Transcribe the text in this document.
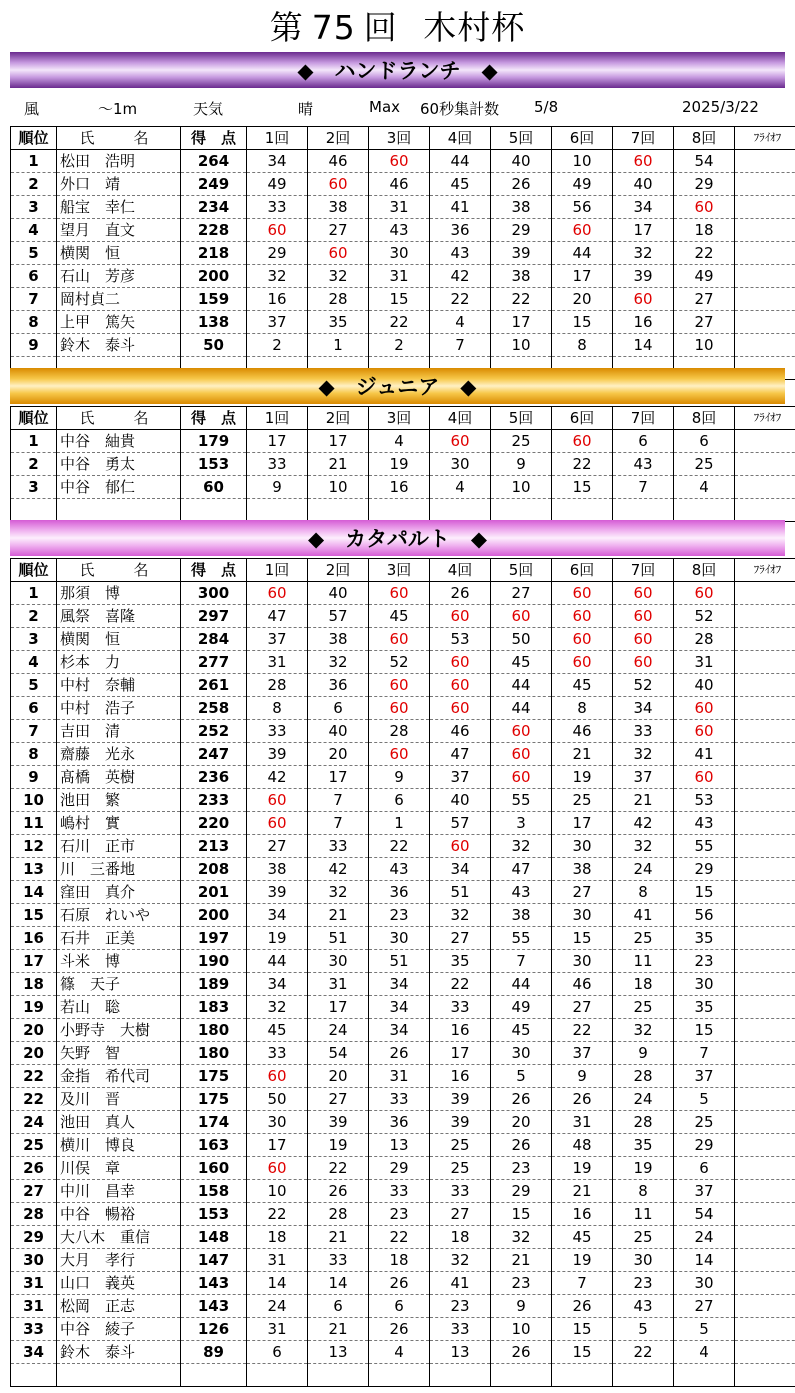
第 75 回 木村杯
◆　ハンドランチ　◆
風	～1m	天気	晴	Max 60秒集計数 5/8	2025/3/22
順位	氏　名	得　点	1回	2回	3回	4回	5回	6回	7回	8回	ﾌﾗｲｵﾌ
1	松田　浩明	264	34	46	60	44	40	10	60	54	
2	外口　靖	249	49	60	46	45	26	49	40	29	
3	船宝　幸仁	234	33	38	31	41	38	56	34	60	
4	望月　直文	228	60	27	43	36	29	60	17	18	
5	横関　恒	218	29	60	30	43	39	44	32	22	
6	石山　芳彦	200	32	32	31	42	38	17	39	49	
7	岡村貞二	159	16	28	15	22	22	20	60	27	
8	上甲　篤矢	138	37	35	22	4	17	15	16	27	
9	鈴木　泰斗	50	2	1	2	7	10	8	14	10	

◆　ジュニア　◆
順位	氏　名	得　点	1回	2回	3回	4回	5回	6回	7回	8回	ﾌﾗｲｵﾌ
1	中谷　紬貴	179	17	17	4	60	25	60	6	6	
2	中谷　勇太	153	33	21	19	30	9	22	43	25	
3	中谷　郁仁	60	9	10	16	4	10	15	7	4	

◆　カタパルト　◆
順位	氏　名	得　点	1回	2回	3回	4回	5回	6回	7回	8回	ﾌﾗｲｵﾌ
1	那須　博	300	60	40	60	26	27	60	60	60	
2	風祭　喜隆	297	47	57	45	60	60	60	60	52	
3	横関　恒	284	37	38	60	53	50	60	60	28	
4	杉本　力	277	31	32	52	60	45	60	60	31	
5	中村　奈輔	261	28	36	60	60	44	45	52	40	
6	中村　浩子	258	8	6	60	60	44	8	34	60	
7	吉田　清	252	33	40	28	46	60	46	33	60	
8	齋藤　光永	247	39	20	60	47	60	21	32	41	
9	髙橋　英樹	236	42	17	9	37	60	19	37	60	
10	池田　繁	233	60	7	6	40	55	25	21	53	
11	嶋村　實	220	60	7	1	57	3	17	42	43	
12	石川　正市	213	27	33	22	60	32	30	32	55	
13	川　三番地	208	38	42	43	34	47	38	24	29	
14	窪田　真介	201	39	32	36	51	43	27	8	15	
15	石原　れいや	200	34	21	23	32	38	30	41	56	
16	石井　正美	197	19	51	30	27	55	15	25	35	
17	斗米　博	190	44	30	51	35	7	30	11	23	
18	篠　天子	189	34	31	34	22	44	46	18	30	
19	若山　聡	183	32	17	34	33	49	27	25	35	
20	小野寺　大樹	180	45	24	34	16	45	22	32	15	
20	矢野　智	180	33	54	26	17	30	37	9	7	
22	金指　希代司	175	60	20	31	16	5	9	28	37	
22	及川　晋	175	50	27	33	39	26	26	24	5	
24	池田　真人	174	30	39	36	39	20	31	28	25	
25	横川　博良	163	17	19	13	25	26	48	35	29	
26	川俣　章	160	60	22	29	25	23	19	19	6	
27	中川　昌幸	158	10	26	33	33	29	21	8	37	
28	中谷　暢裕	153	22	28	23	27	15	16	11	54	
29	大八木　重信	148	18	21	22	18	32	45	25	24	
30	大月　孝行	147	31	33	18	32	21	19	30	14	
31	山口　義英	143	14	14	26	41	23	7	23	30	
31	松岡　正志	143	24	6	6	23	9	26	43	27	
33	中谷　綾子	126	31	21	26	33	10	15	5	5	
34	鈴木　泰斗	89	6	13	4	13	26	15	22	4	
